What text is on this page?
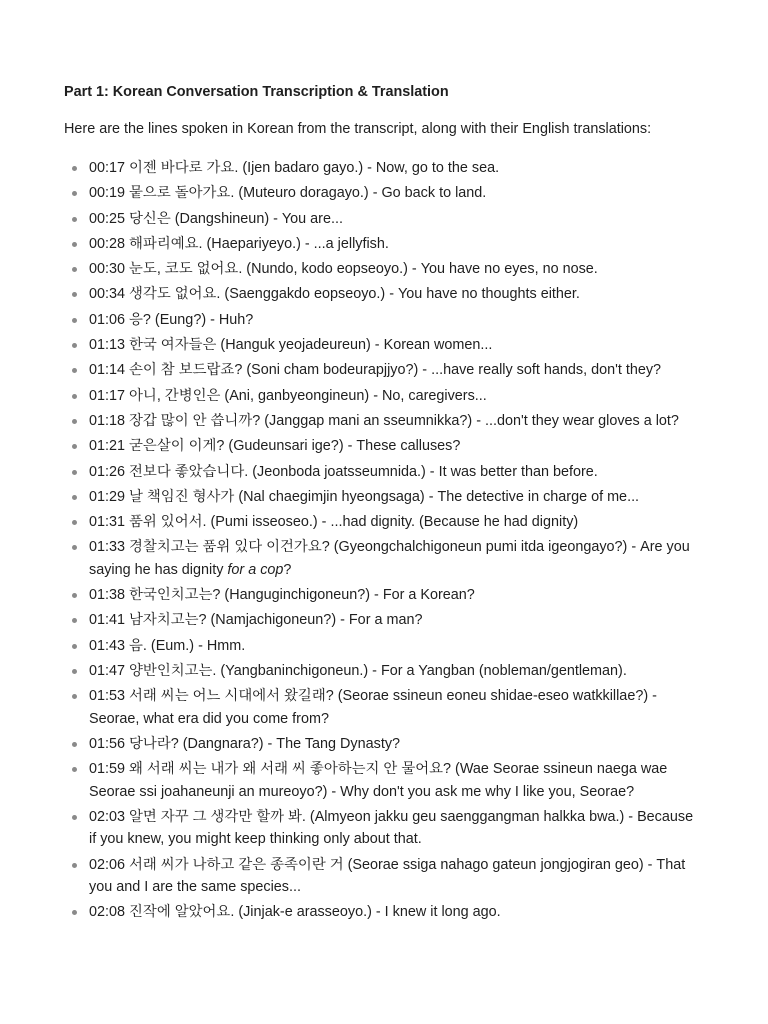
Part 1: Korean Conversation Transcription & Translation

Here are the lines spoken in Korean from the transcript, along with their English translations:

00:17 이젠 바다로 가요. (Ijen badaro gayo.) - Now, go to the sea.
00:19 뭍으로 돌아가요. (Muteuro doragayo.) - Go back to land.
00:25 당신은 (Dangshineun) - You are...
00:28 해파리예요. (Haepariyeyo.) - ...a jellyfish.
00:30 눈도, 코도 없어요. (Nundo, kodo eopseoyo.) - You have no eyes, no nose.
00:34 생각도 없어요. (Saenggakdo eopseoyo.) - You have no thoughts either.
01:06 응? (Eung?) - Huh?
01:13 한국 여자들은 (Hanguk yeojadeureun) - Korean women...
01:14 손이 참 보드랍죠? (Soni cham bodeurapjjyo?) - ...have really soft hands, don't they?
01:17 아니, 간병인은 (Ani, ganbyeongineun) - No, caregivers...
01:18 장갑 많이 안 씁니까? (Janggap mani an sseumnikka?) - ...don't they wear gloves a lot?
01:21 굳은살이 이게? (Gudeunsari ige?) - These calluses?
01:26 전보다 좋았습니다. (Jeonboda joatsseumnida.) - It was better than before.
01:29 날 책임진 형사가 (Nal chaegimjin hyeongsaga) - The detective in charge of me...
01:31 품위 있어서. (Pumi isseoseo.) - ...had dignity. (Because he had dignity)
01:33 경찰치고는 품위 있다 이건가요? (Gyeongchalchigoneun pumi itda igeongayo?) - Are you saying he has dignity for a cop?
01:38 한국인치고는? (Hanguginchigoneun?) - For a Korean?
01:41 남자치고는? (Namjachigoneun?) - For a man?
01:43 음. (Eum.) - Hmm.
01:47 양반인치고는. (Yangbaninchigoneun.) - For a Yangban (nobleman/gentleman).
01:53 서래 씨는 어느 시대에서 왔길래? (Seorae ssineun eoneu shidae-eseo watkkillae?) - Seorae, what era did you come from?
01:56 당나라? (Dangnara?) - The Tang Dynasty?
01:59 왜 서래 씨는 내가 왜 서래 씨 좋아하는지 안 물어요? (Wae Seorae ssineun naega wae Seorae ssi joahaneunji an mureoyo?) - Why don't you ask me why I like you, Seorae?
02:03 알면 자꾸 그 생각만 할까 봐. (Almyeon jakku geu saenggangman halkka bwa.) - Because if you knew, you might keep thinking only about that.
02:06 서래 씨가 나하고 같은 종족이란 거 (Seorae ssiga nahago gateun jongjogiran geo) - That you and I are the same species...
02:08 진작에 알았어요. (Jinjak-e arasseoyo.) - I knew it long ago.
